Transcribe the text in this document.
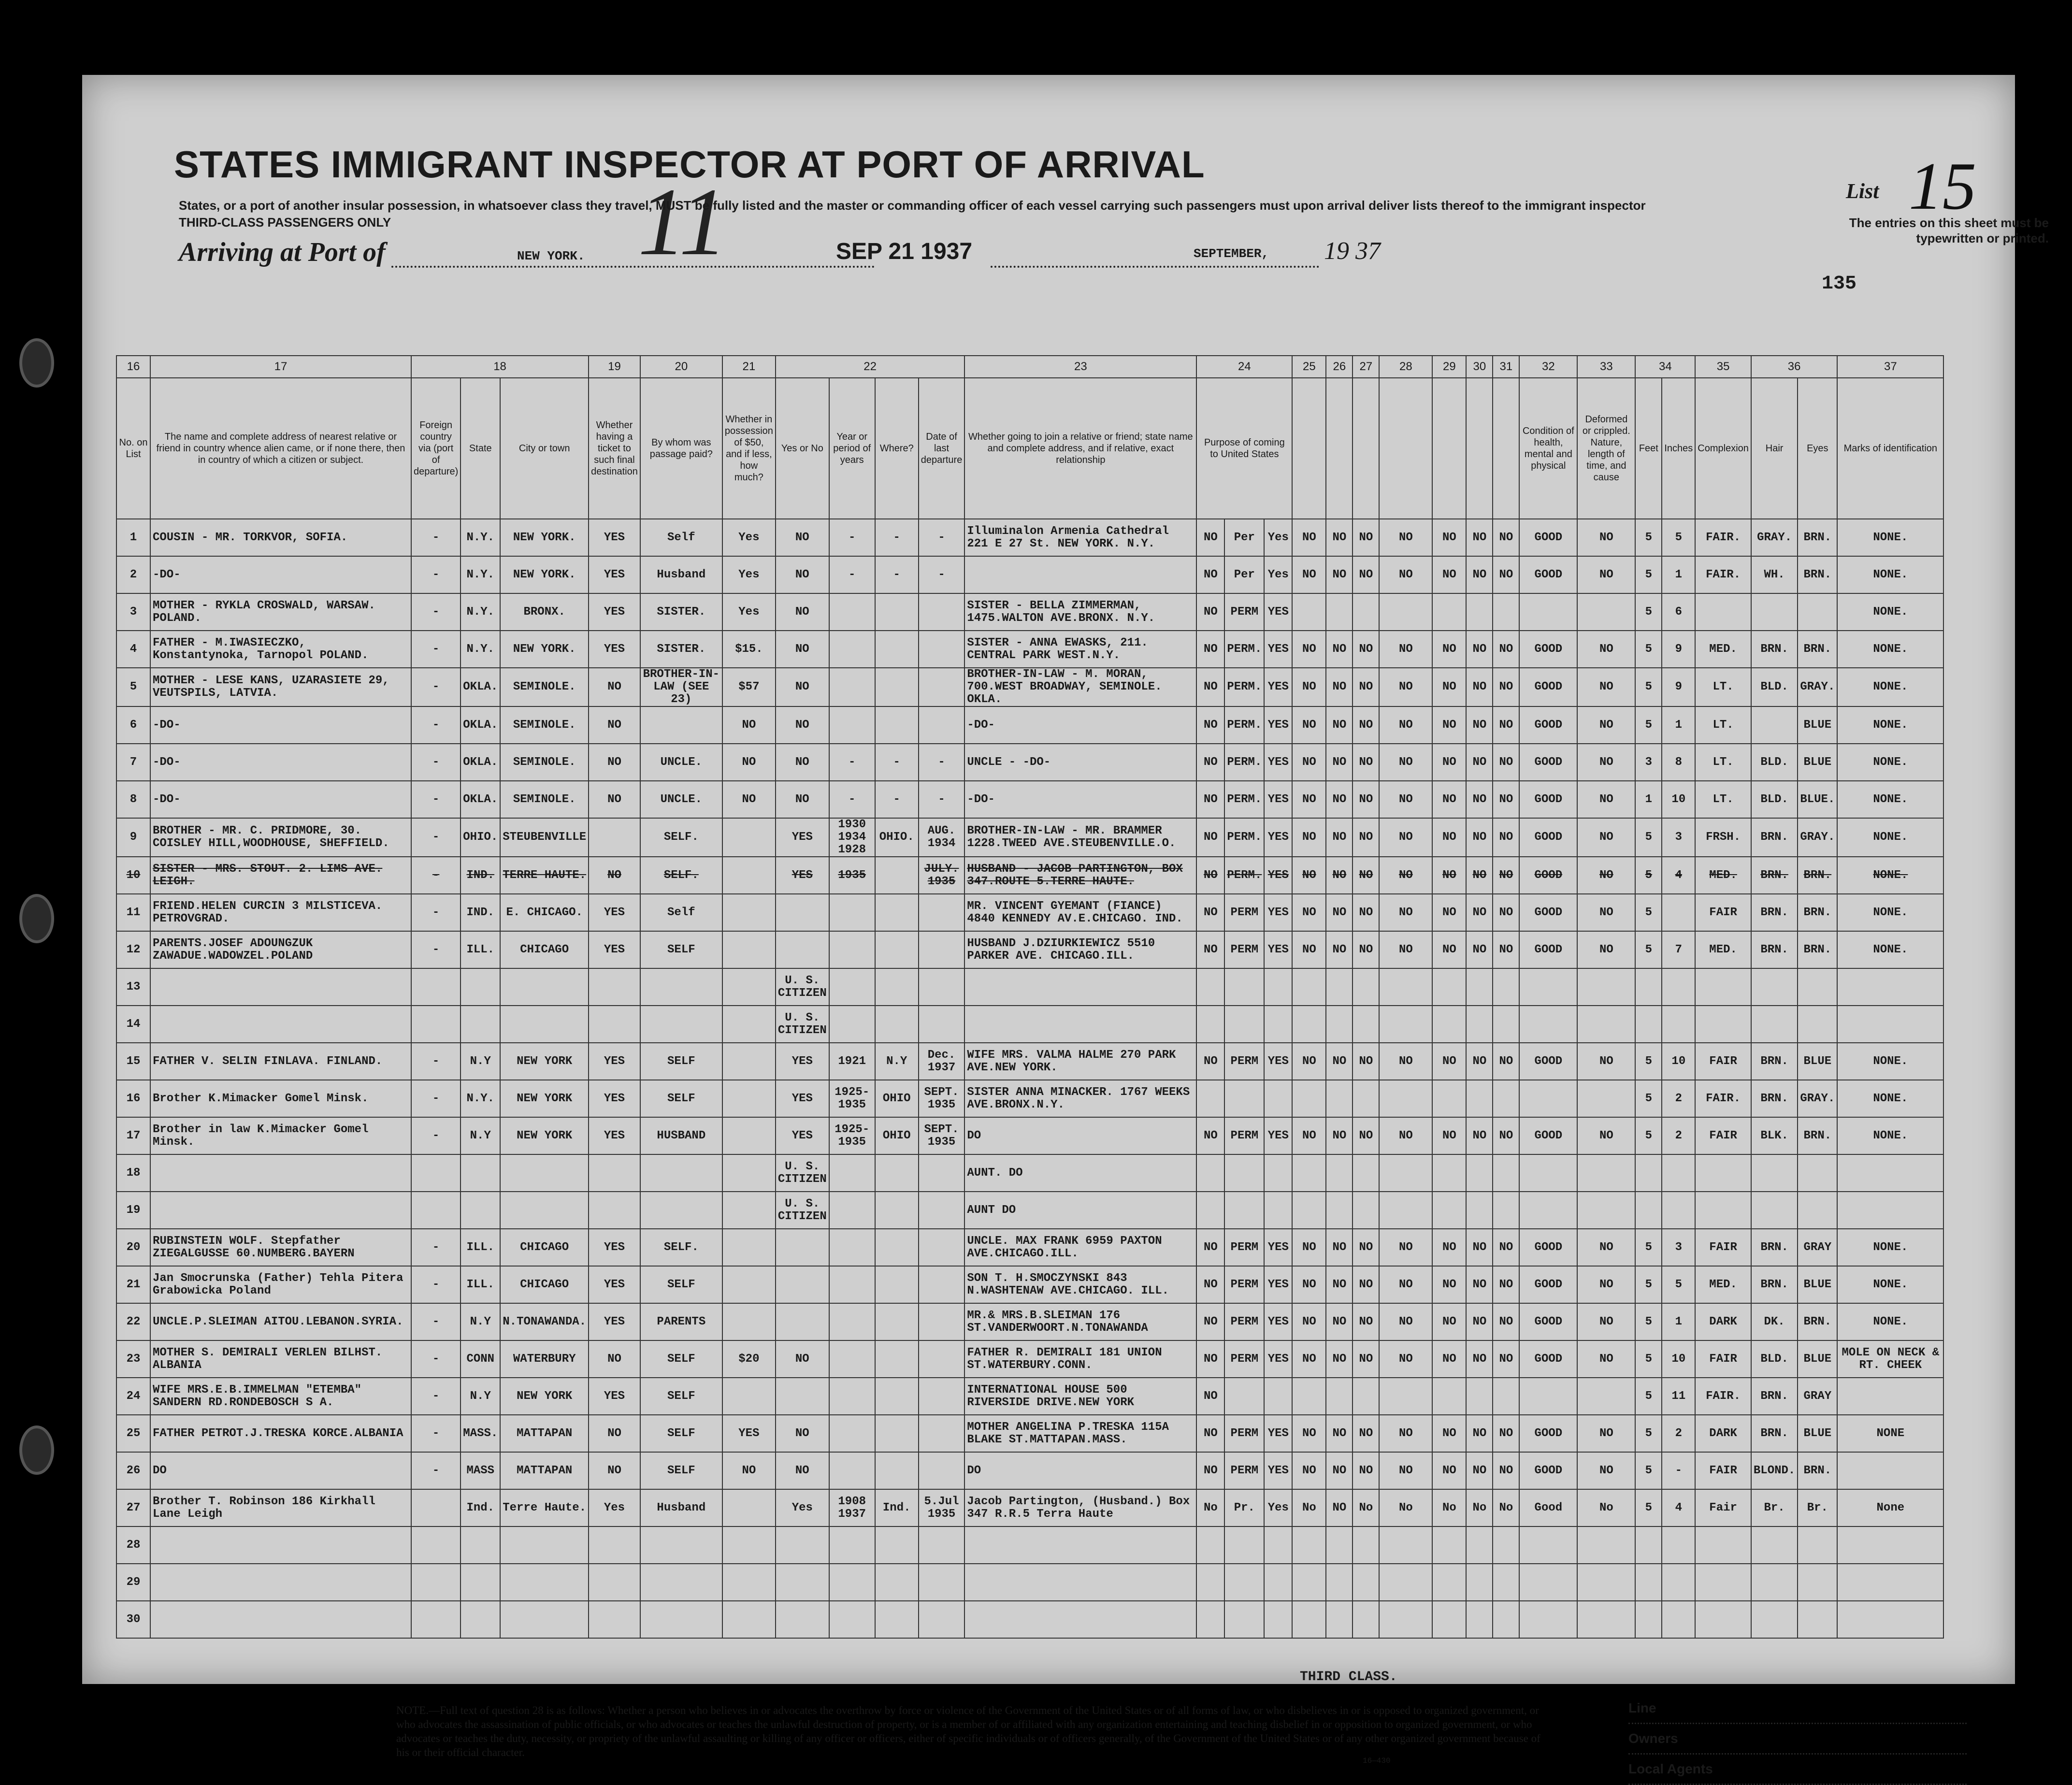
11
STATES IMMIGRANT INSPECTOR AT PORT OF ARRIVAL
States, or a port of another insular possession, in whatsoever class they travel, MUST be fully listed and the master or commanding officer of each vessel carrying such passengers must upon arrival deliver lists thereof to the immigrant inspector
THIRD-CLASS PASSENGERS ONLY
Arriving at Port of	NEW YORK.	SEP 21 1937	SEPTEMBER, 19 37
15
List
The entries on this sheet must be typewritten or printed.
135
16	17	18			19	20	21	22				23	24			25	26	27	28	29	30	31	32	33	34		35	36		37
No. on List	The name and complete address of nearest relative or friend in country whence alien came, or if none there, then in country of which a citizen or subject.	Foreign country via (port of departure)	State	City or town	Whether having a ticket to such final destination	By whom was passage paid?	Whether in possession of $50, and if less, how much?	Yes or No	Year or period of years	Where?	Date of last departure	Whether going to join a relative or friend; state name and complete address, and if relative, exact relationship	Purpose of coming to United States										Condition of health, mental and physical	Deformed or crippled. Nature, length of time, and cause	Feet	Inches	Complexion	Hair	Eyes	Marks of identification
1	COUSIN - MR. TORKVOR, SOFIA.	-	N.Y.	NEW YORK.	YES	Self	Yes	NO	-	-	-	Illuminalon Armenia Cathedral 221 E 27 St. NEW YORK. N.Y.	NO	Per	Yes	NO	NO	NO	NO	NO	NO	NO	GOOD	NO	5	5	FAIR.	GRAY.	BRN.	NONE.
2	-DO-	-	N.Y.	NEW YORK.	YES	Husband	Yes	NO	-	-	-		NO	Per	Yes	NO	NO	NO	NO	NO	NO	NO	GOOD	NO	5	1	FAIR.	WH.	BRN.	NONE.
3	MOTHER - RYKLA CROSWALD, WARSAW. POLAND.	-	N.Y.	BRONX.	YES	SISTER.	Yes	NO				SISTER - BELLA ZIMMERMAN, 1475.WALTON AVE.BRONX. N.Y.	NO	PERM	YES										5	6				NONE.
4	FATHER - M.IWASIECZKO, Konstantynoka, Tarnopol POLAND.	-	N.Y.	NEW YORK.	YES	SISTER.	$15.	NO				SISTER - ANNA EWASKS, 211. CENTRAL PARK WEST.N.Y.	NO	PERM.	YES	NO	NO	NO	NO	NO	NO	NO	GOOD	NO	5	9	MED.	BRN.	BRN.	NONE.
5	MOTHER - LESE KANS, UZARASIETE 29, VEUTSPILS, LATVIA.	-	OKLA.	SEMINOLE.	NO	BROTHER-IN-LAW (SEE 23)	$57	NO				BROTHER-IN-LAW - M. MORAN, 700.WEST BROADWAY, SEMINOLE. OKLA.	NO	PERM.	YES	NO	NO	NO	NO	NO	NO	NO	GOOD	NO	5	9	LT.	BLD.	GRAY.	NONE.
6	-DO-	-	OKLA.	SEMINOLE.	NO		NO	NO				-DO-	NO	PERM.	YES	NO	NO	NO	NO	NO	NO	NO	GOOD	NO	5	1	LT.		BLUE	NONE.
7	-DO-	-	OKLA.	SEMINOLE.	NO	UNCLE.	NO	NO	-	-	-	UNCLE - -DO-	NO	PERM.	YES	NO	NO	NO	NO	NO	NO	NO	GOOD	NO	3	8	LT.	BLD.	BLUE	NONE.
8	-DO-	-	OKLA.	SEMINOLE.	NO	UNCLE.	NO	NO	-	-	-	-DO-	NO	PERM.	YES	NO	NO	NO	NO	NO	NO	NO	GOOD	NO	1	10	LT.	BLD.	BLUE.	NONE.
9	BROTHER - MR. C. PRIDMORE, 30. COISLEY HILL,WOODHOUSE, SHEFFIELD.	-	OHIO.	STEUBENVILLE		SELF.		YES	1930 1934 1928	OHIO.	AUG. 1934	BROTHER-IN-LAW - MR. BRAMMER 1228.TWEED AVE.STEUBENVILLE.O.	NO	PERM.	YES	NO	NO	NO	NO	NO	NO	NO	GOOD	NO	5	3	FRSH.	BRN.	GRAY.	NONE.
10	SISTER - MRS. STOUT. 2. LIMS AVE. LEIGH.	-	IND.	TERRE HAUTE.	NO	SELF.		YES	1935		JULY. 1935	HUSBAND - JACOB PARTINGTON, BOX 347.ROUTE 5.TERRE HAUTE.	NO	PERM.	YES	NO	NO	NO	NO	NO	NO	NO	GOOD	NO	5	4	MED.	BRN.	BRN.	NONE.
11	FRIEND.HELEN CURCIN 3 MILSTICEVA. PETROVGRAD.	-	IND.	E. CHICAGO.	YES	Self						MR. VINCENT GYEMANT (FIANCE) 4840 KENNEDY AV.E.CHICAGO. IND.	NO	PERM	YES	NO	NO	NO	NO	NO	NO	NO	GOOD	NO	5		FAIR	BRN.	BRN.	NONE.
12	PARENTS.JOSEF ADOUNGZUK ZAWADUE.WADOWZEL.POLAND	-	ILL.	CHICAGO	YES	SELF						HUSBAND J.DZIURKIEWICZ 5510 PARKER AVE. CHICAGO.ILL.	NO	PERM	YES	NO	NO	NO	NO	NO	NO	NO	GOOD	NO	5	7	MED.	BRN.	BRN.	NONE.
13								U. S. CITIZEN																						
14								U. S. CITIZEN																						
15	FATHER V. SELIN FINLAVA. FINLAND.	-	N.Y	NEW YORK	YES	SELF		YES	1921	N.Y	Dec. 1937	WIFE MRS. VALMA HALME 270 PARK AVE.NEW YORK.	NO	PERM	YES	NO	NO	NO	NO	NO	NO	NO	GOOD	NO	5	10	FAIR	BRN.	BLUE	NONE.
16	Brother K.Mimacker Gomel Minsk.	-	N.Y.	NEW YORK	YES	SELF		YES	1925-1935	OHIO	SEPT. 1935	SISTER ANNA MINACKER. 1767 WEEKS AVE.BRONX.N.Y.													5	2	FAIR.	BRN.	GRAY.	NONE.
17	Brother in law K.Mimacker Gomel Minsk.	-	N.Y	NEW YORK	YES	HUSBAND		YES	1925-1935	OHIO	SEPT. 1935	DO	NO	PERM	YES	NO	NO	NO	NO	NO	NO	NO	GOOD	NO	5	2	FAIR	BLK.	BRN.	NONE.
18								U. S. CITIZEN				AUNT. DO																		
19								U. S. CITIZEN				AUNT DO																		
20	RUBINSTEIN WOLF. Stepfather ZIEGALGUSSE 60.NUMBERG.BAYERN	-	ILL.	CHICAGO	YES	SELF.						UNCLE. MAX FRANK 6959 PAXTON AVE.CHICAGO.ILL.	NO	PERM	YES	NO	NO	NO	NO	NO	NO	NO	GOOD	NO	5	3	FAIR	BRN.	GRAY	NONE.
21	Jan Smocrunska (Father) Tehla Pitera Grabowicka Poland	-	ILL.	CHICAGO	YES	SELF						SON T. H.SMOCZYNSKI 843 N.WASHTENAW AVE.CHICAGO. ILL.	NO	PERM	YES	NO	NO	NO	NO	NO	NO	NO	GOOD	NO	5	5	MED.	BRN.	BLUE	NONE.
22	UNCLE.P.SLEIMAN AITOU.LEBANON.SYRIA.	-	N.Y	N.TONAWANDA.	YES	PARENTS						MR.& MRS.B.SLEIMAN 176 ST.VANDERWOORT.N.TONAWANDA	NO	PERM	YES	NO	NO	NO	NO	NO	NO	NO	GOOD	NO	5	1	DARK	DK.	BRN.	NONE.
23	MOTHER S. DEMIRALI VERLEN BILHST. ALBANIA	-	CONN	WATERBURY	NO	SELF	$20	NO				FATHER R. DEMIRALI 181 UNION ST.WATERBURY.CONN.	NO	PERM	YES	NO	NO	NO	NO	NO	NO	NO	GOOD	NO	5	10	FAIR	BLD.	BLUE	MOLE ON NECK & RT. CHEEK
24	WIFE MRS.E.B.IMMELMAN "ETEMBA" SANDERN RD.RONDEBOSCH S A.	-	N.Y	NEW YORK	YES	SELF						INTERNATIONAL HOUSE 500 RIVERSIDE DRIVE.NEW YORK	NO												5	11	FAIR.	BRN.	GRAY	
25	FATHER PETROT.J.TRESKA KORCE.ALBANIA	-	MASS.	MATTAPAN	NO	SELF	YES	NO				MOTHER ANGELINA P.TRESKA 115A BLAKE ST.MATTAPAN.MASS.	NO	PERM	YES	NO	NO	NO	NO	NO	NO	NO	GOOD	NO	5	2	DARK	BRN.	BLUE	NONE
26	DO	-	MASS	MATTAPAN	NO	SELF	NO	NO				DO	NO	PERM	YES	NO	NO	NO	NO	NO	NO	NO	GOOD	NO	5	-	FAIR	BLOND.	BRN.	
27	Brother T. Robinson 186 Kirkhall Lane Leigh		Ind.	Terre Haute.	Yes	Husband		Yes	1908 1937	Ind.	5.Jul 1935	Jacob Partington, (Husband.) Box 347 R.R.5 Terra Haute	No	Pr.	Yes	No	NO	No	No	No	No	No	Good	No	5	4	Fair	Br.	Br.	None
28																														
29																														
30																														
THIRD CLASS.
NOTE.—Full text of question 28 is as follows: Whether a person who believes in or advocates the overthrow by force or violence of the Government of the United States or of all forms of law, or who disbelieves in or is opposed to organized government, or who advocates the assassination of public officials, or who advocates or teaches the unlawful destruction of property, or is a member of or affiliated with any organization entertaining and teaching disbelief in or opposition to organized government, or who advocates or teaches the duty, necessity, or propriety of the unlawful assaulting or killing of any officer or officers, either of specific individuals or of officers generally, of the Government of the United States or of any other organized government because of his or their official character.
Line
Owners
Local Agents
16—430
